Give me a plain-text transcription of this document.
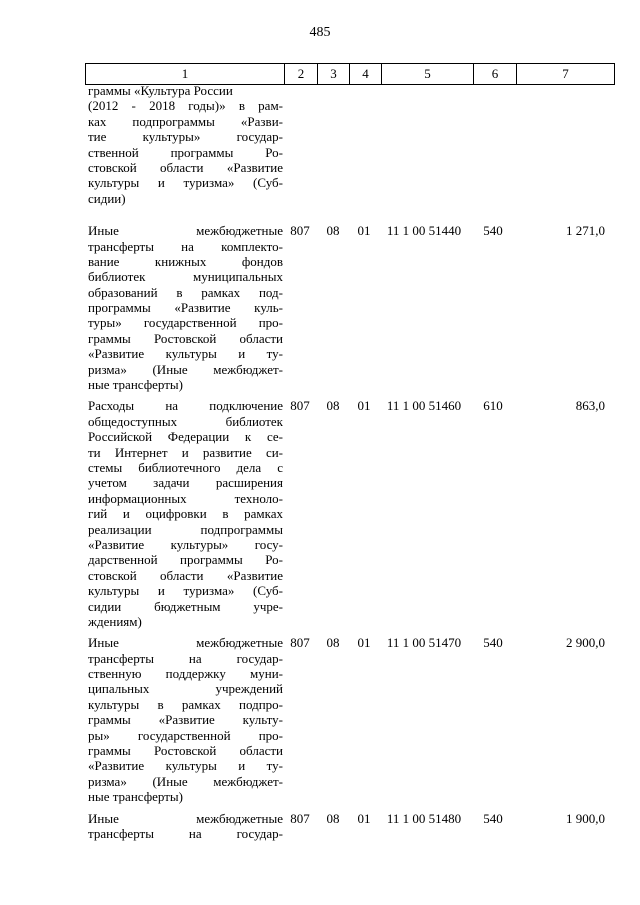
485
1	2	3	4	5	6	7
граммы «Культура России
(2012 - 2018 годы)» в рам-
ках подпрограммы «Разви-
тие культуры» государ-
ственной программы Ро-
стовской области «Развитие
культуры и туризма» (Суб-
сидии)
Иные межбюджетные
трансферты на комплекто-
вание книжных фондов
библиотек муниципальных
образований в рамках под-
программы «Развитие куль-
туры» государственной про-
граммы Ростовской области
«Развитие культуры и ту-
ризма» (Иные межбюджет-
ные трансферты)
807	08	01	11 1 00 51440	540	1 271,0
Расходы на подключение
общедоступных библиотек
Российской Федерации к се-
ти Интернет и развитие си-
стемы библиотечного дела с
учетом задачи расширения
информационных техноло-
гий и оцифровки в рамках
реализации подпрограммы
«Развитие культуры» госу-
дарственной программы Ро-
стовской области «Развитие
культуры и туризма» (Суб-
сидии бюджетным учре-
ждениям)
807	08	01	11 1 00 51460	610	863,0
Иные межбюджетные
трансферты на государ-
ственную поддержку муни-
ципальных учреждений
культуры в рамках подпро-
граммы «Развитие культу-
ры» государственной про-
граммы Ростовской области
«Развитие культуры и ту-
ризма» (Иные межбюджет-
ные трансферты)
807	08	01	11 1 00 51470	540	2 900,0
Иные межбюджетные
трансферты на государ-
807	08	01	11 1 00 51480	540	1 900,0
